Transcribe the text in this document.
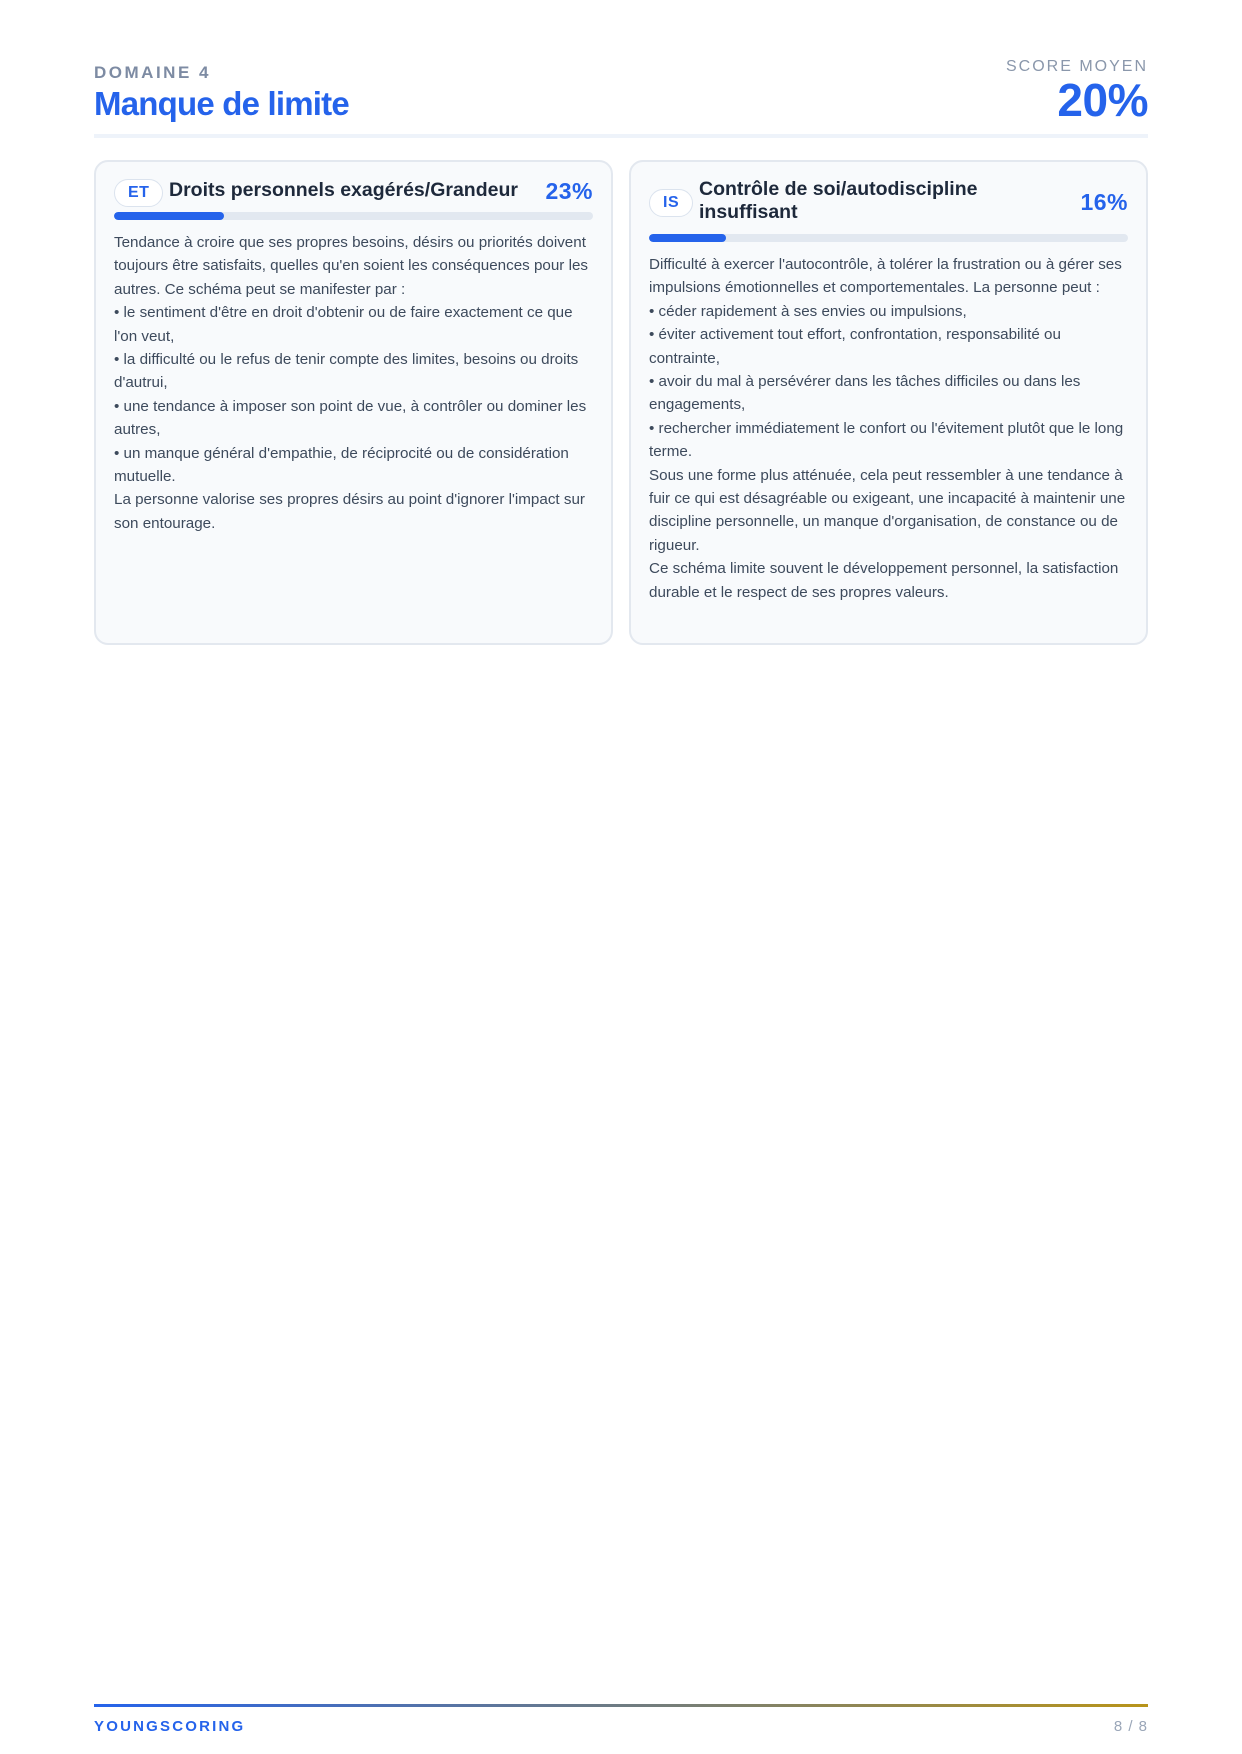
DOMAINE 4
Manque de limite
SCORE MOYEN
20%
ET	Droits personnels exagérés/Grandeur 23%
Tendance à croire que ses propres besoins, désirs ou priorités doivent toujours être satisfaits, quelles qu'en soient les conséquences pour les autres. Ce schéma peut se manifester par :
• le sentiment d'être en droit d'obtenir ou de faire exactement ce que l'on veut,
• la difficulté ou le refus de tenir compte des limites, besoins ou droits d'autrui,
• une tendance à imposer son point de vue, à contrôler ou dominer les autres,
• un manque général d'empathie, de réciprocité ou de considération mutuelle.
La personne valorise ses propres désirs au point d'ignorer l'impact sur son entourage.
IS
Contrôle de soi/autodiscipline insuffisant	16%
Difficulté à exercer l'autocontrôle, à tolérer la frustration ou à gérer ses impulsions émotionnelles et comportementales. La personne peut :
• céder rapidement à ses envies ou impulsions,
• éviter activement tout effort, confrontation, responsabilité ou contrainte,
• avoir du mal à persévérer dans les tâches difficiles ou dans les engagements,
• rechercher immédiatement le confort ou l'évitement plutôt que le long terme.
Sous une forme plus atténuée, cela peut ressembler à une tendance à fuir ce qui est désagréable ou exigeant, une incapacité à maintenir une discipline personnelle, un manque d'organisation, de constance ou de rigueur.
Ce schéma limite souvent le développement personnel, la satisfaction durable et le respect de ses propres valeurs.
YOUNGSCORING	8 / 8
